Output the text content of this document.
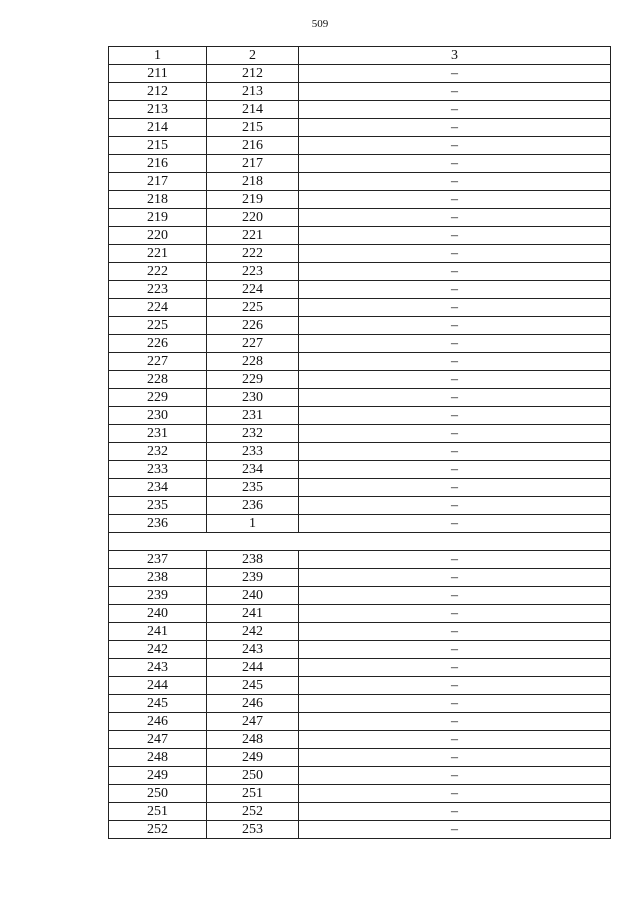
509
1	2	3
211	212	–
212	213	–
213	214	–
214	215	–
215	216	–
216	217	–
217	218	–
218	219	–
219	220	–
220	221	–
221	222	–
222	223	–
223	224	–
224	225	–
225	226	–
226	227	–
227	228	–
228	229	–
229	230	–
230	231	–
231	232	–
232	233	–
233	234	–
234	235	–
235	236	–
236	1	–

237	238	–
238	239	–
239	240	–
240	241	–
241	242	–
242	243	–
243	244	–
244	245	–
245	246	–
246	247	–
247	248	–
248	249	–
249	250	–
250	251	–
251	252	–
252	253	–
